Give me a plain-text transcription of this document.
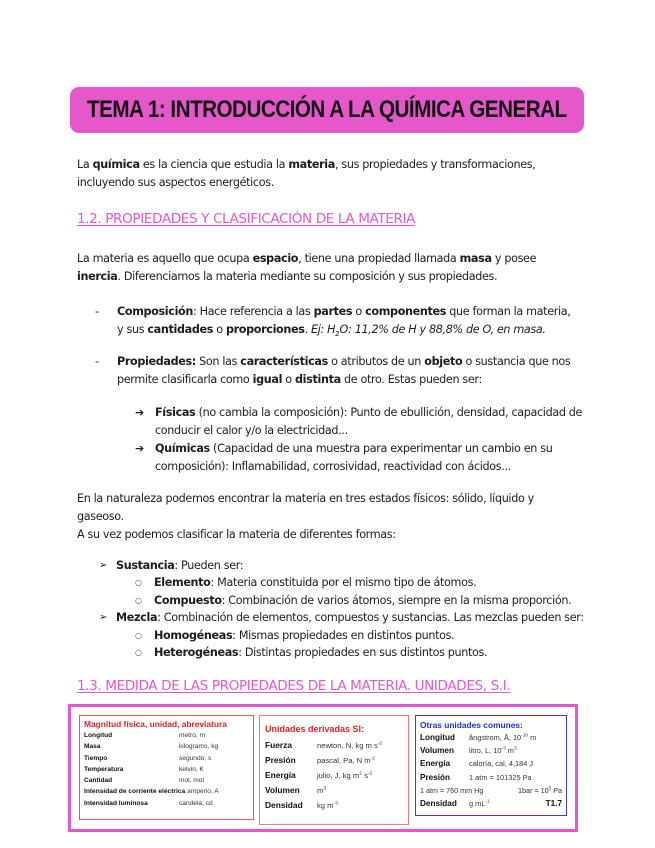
TEMA 1: INTRODUCCIÓN A LA QUÍMICA GENERAL

La química es la ciencia que estudia la materia, sus propiedades y transformaciones, incluyendo sus aspectos energéticos.

1.2. PROPIEDADES Y CLASIFICACIÓN DE LA MATERIA

La materia es aquello que ocupa espacio, tiene una propiedad llamada masa y posee inercia. Diferenciamos la materia mediante su composición y sus propiedades.

- Composición: Hace referencia a las partes o componentes que forman la materia, y sus cantidades o proporciones. Ej: $H_2O$: 11,2% de H y 88,8% de O, en masa.
- Propiedades: Son las características o atributos de un objeto o sustancia que nos permite clasificarla como igual o distinta de otro. Estas pueden ser:
➔ Físicas (no cambia la composición): Punto de ebullición, densidad, capacidad de conducir el calor y/o la electricidad...
➔ Químicas (Capacidad de una muestra para experimentar un cambio en su composición): Inflamabilidad, corrosividad, reactividad con ácidos...

En la naturaleza podemos encontrar la materia en tres estados físicos: sólido, líquido y gaseoso.

A su vez podemos clasificar la materia de diferentes formas:

➢ Sustancia: Pueden ser:
○ Elemento: Materia constituida por el mismo tipo de átomos.
○ Compuesto: Combinación de varios átomos, siempre en la misma proporción.
➢ Mezcla: Combinación de elementos, compuestos y sustancias. Las mezclas pueden ser:
○ Homogéneas: Mismas propiedades en distintos puntos.
○ Heterogéneas: Distintas propiedades en sus distintos puntos.
1.3. MEDIDA DE LAS PROPIEDADES DE LA MATERIA. UNIDADES, S.I.
Magnitud física, unidad, abreviatura
Longitud	metro, m
Masa	kilogramo, kg
Tiempo	segundo, s
Temperatura	kelvin, K
Cantidad	mol, mol
Intensidad de corriente eléctrica amperio, A
Intensidad luminosa	candela, cd
Unidades derivadas SI:
Fuerza	newton, N, kg m $s^{-2}$
Presión	pascal, Pa, N $m^{-2}$
Energía	julio, J, kg $m^2$ $s^{-2}$
Volumen	$m^3$
Densidad	kg $m^{-3}$
Otras unidades comunes:
Longitud	ångstrom, Å, $10^{-10}$ m
Volumen	litro, L, $10^{-3}$ $m^3$
Energía	caloría, cal, 4,184 J
Presión	1 atm = 101325 Pa
1 atm = 760 mm Hg	$1bar = 10^5$ Pa
Densidad	g $mL^{-1}$	T1.7
